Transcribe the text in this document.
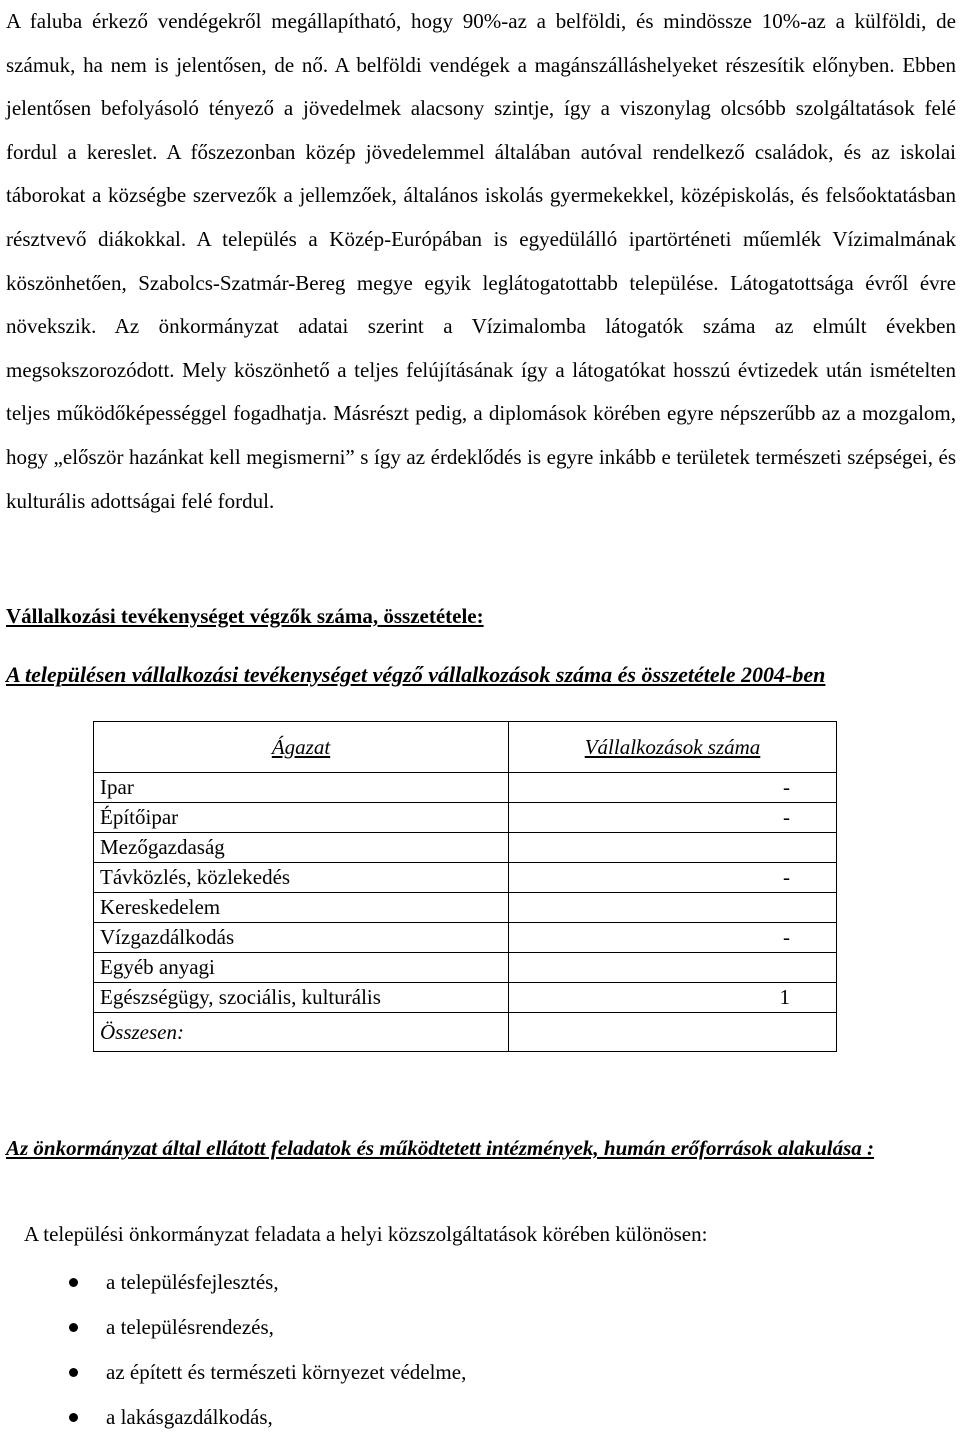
A faluba érkező vendégekről megállapítható, hogy 90%-az a belföldi, és mindössze 10%-az a külföldi, de számuk, ha nem is jelentősen, de nő. A belföldi vendégek a magánszálláshelyeket részesítik előnyben. Ebben jelentősen befolyásoló tényező a jövedelmek alacsony szintje, így a viszonylag olcsóbb szolgáltatások felé fordul a kereslet. A főszezonban közép jövedelemmel általában autóval rendelkező családok, és az iskolai táborokat a községbe szervezők a jellemzőek, általános iskolás gyermekekkel, középiskolás, és felsőoktatásban résztvevő diákokkal. A település a Közép-Európában is egyedülálló ipartörténeti műemlék Vízimalmának köszönhetően, Szabolcs-Szatmár-Bereg megye egyik leglátogatottabb települése. Látogatottsága évről évre növekszik. Az önkormányzat adatai szerint a Vízimalomba látogatók száma az elmúlt években megsokszorozódott. Mely köszönhető a teljes felújításának így a látogatókat hosszú évtizedek után ismételten teljes működőképességgel fogadhatja. Másrészt pedig, a diplomások körében egyre népszerűbb az a mozgalom, hogy „először hazánkat kell megismerni” s így az érdeklődés is egyre inkább e területek természeti szépségei, és kulturális adottságai felé fordul.

Vállalkozási tevékenységet végzők száma, összetétele:

A településen vállalkozási tevékenységet végző vállalkozások száma és összetétele 2004-ben

Ágazat	Vállalkozások száma
Ipar	-
Építőipar	-
Mezőgazdaság	
Távközlés, közlekedés	-
Kereskedelem	
Vízgazdálkodás	-
Egyéb anyagi	
Egészségügy, szociális, kulturális	1
Összesen:	

Az önkormányzat által ellátott feladatok és működtetett intézmények, humán erőforrások alakulása :

A települési önkormányzat feladata a helyi közszolgáltatások körében különösen:

a településfejlesztés,
a településrendezés,
az épített és természeti környezet védelme,
a lakásgazdálkodás,
